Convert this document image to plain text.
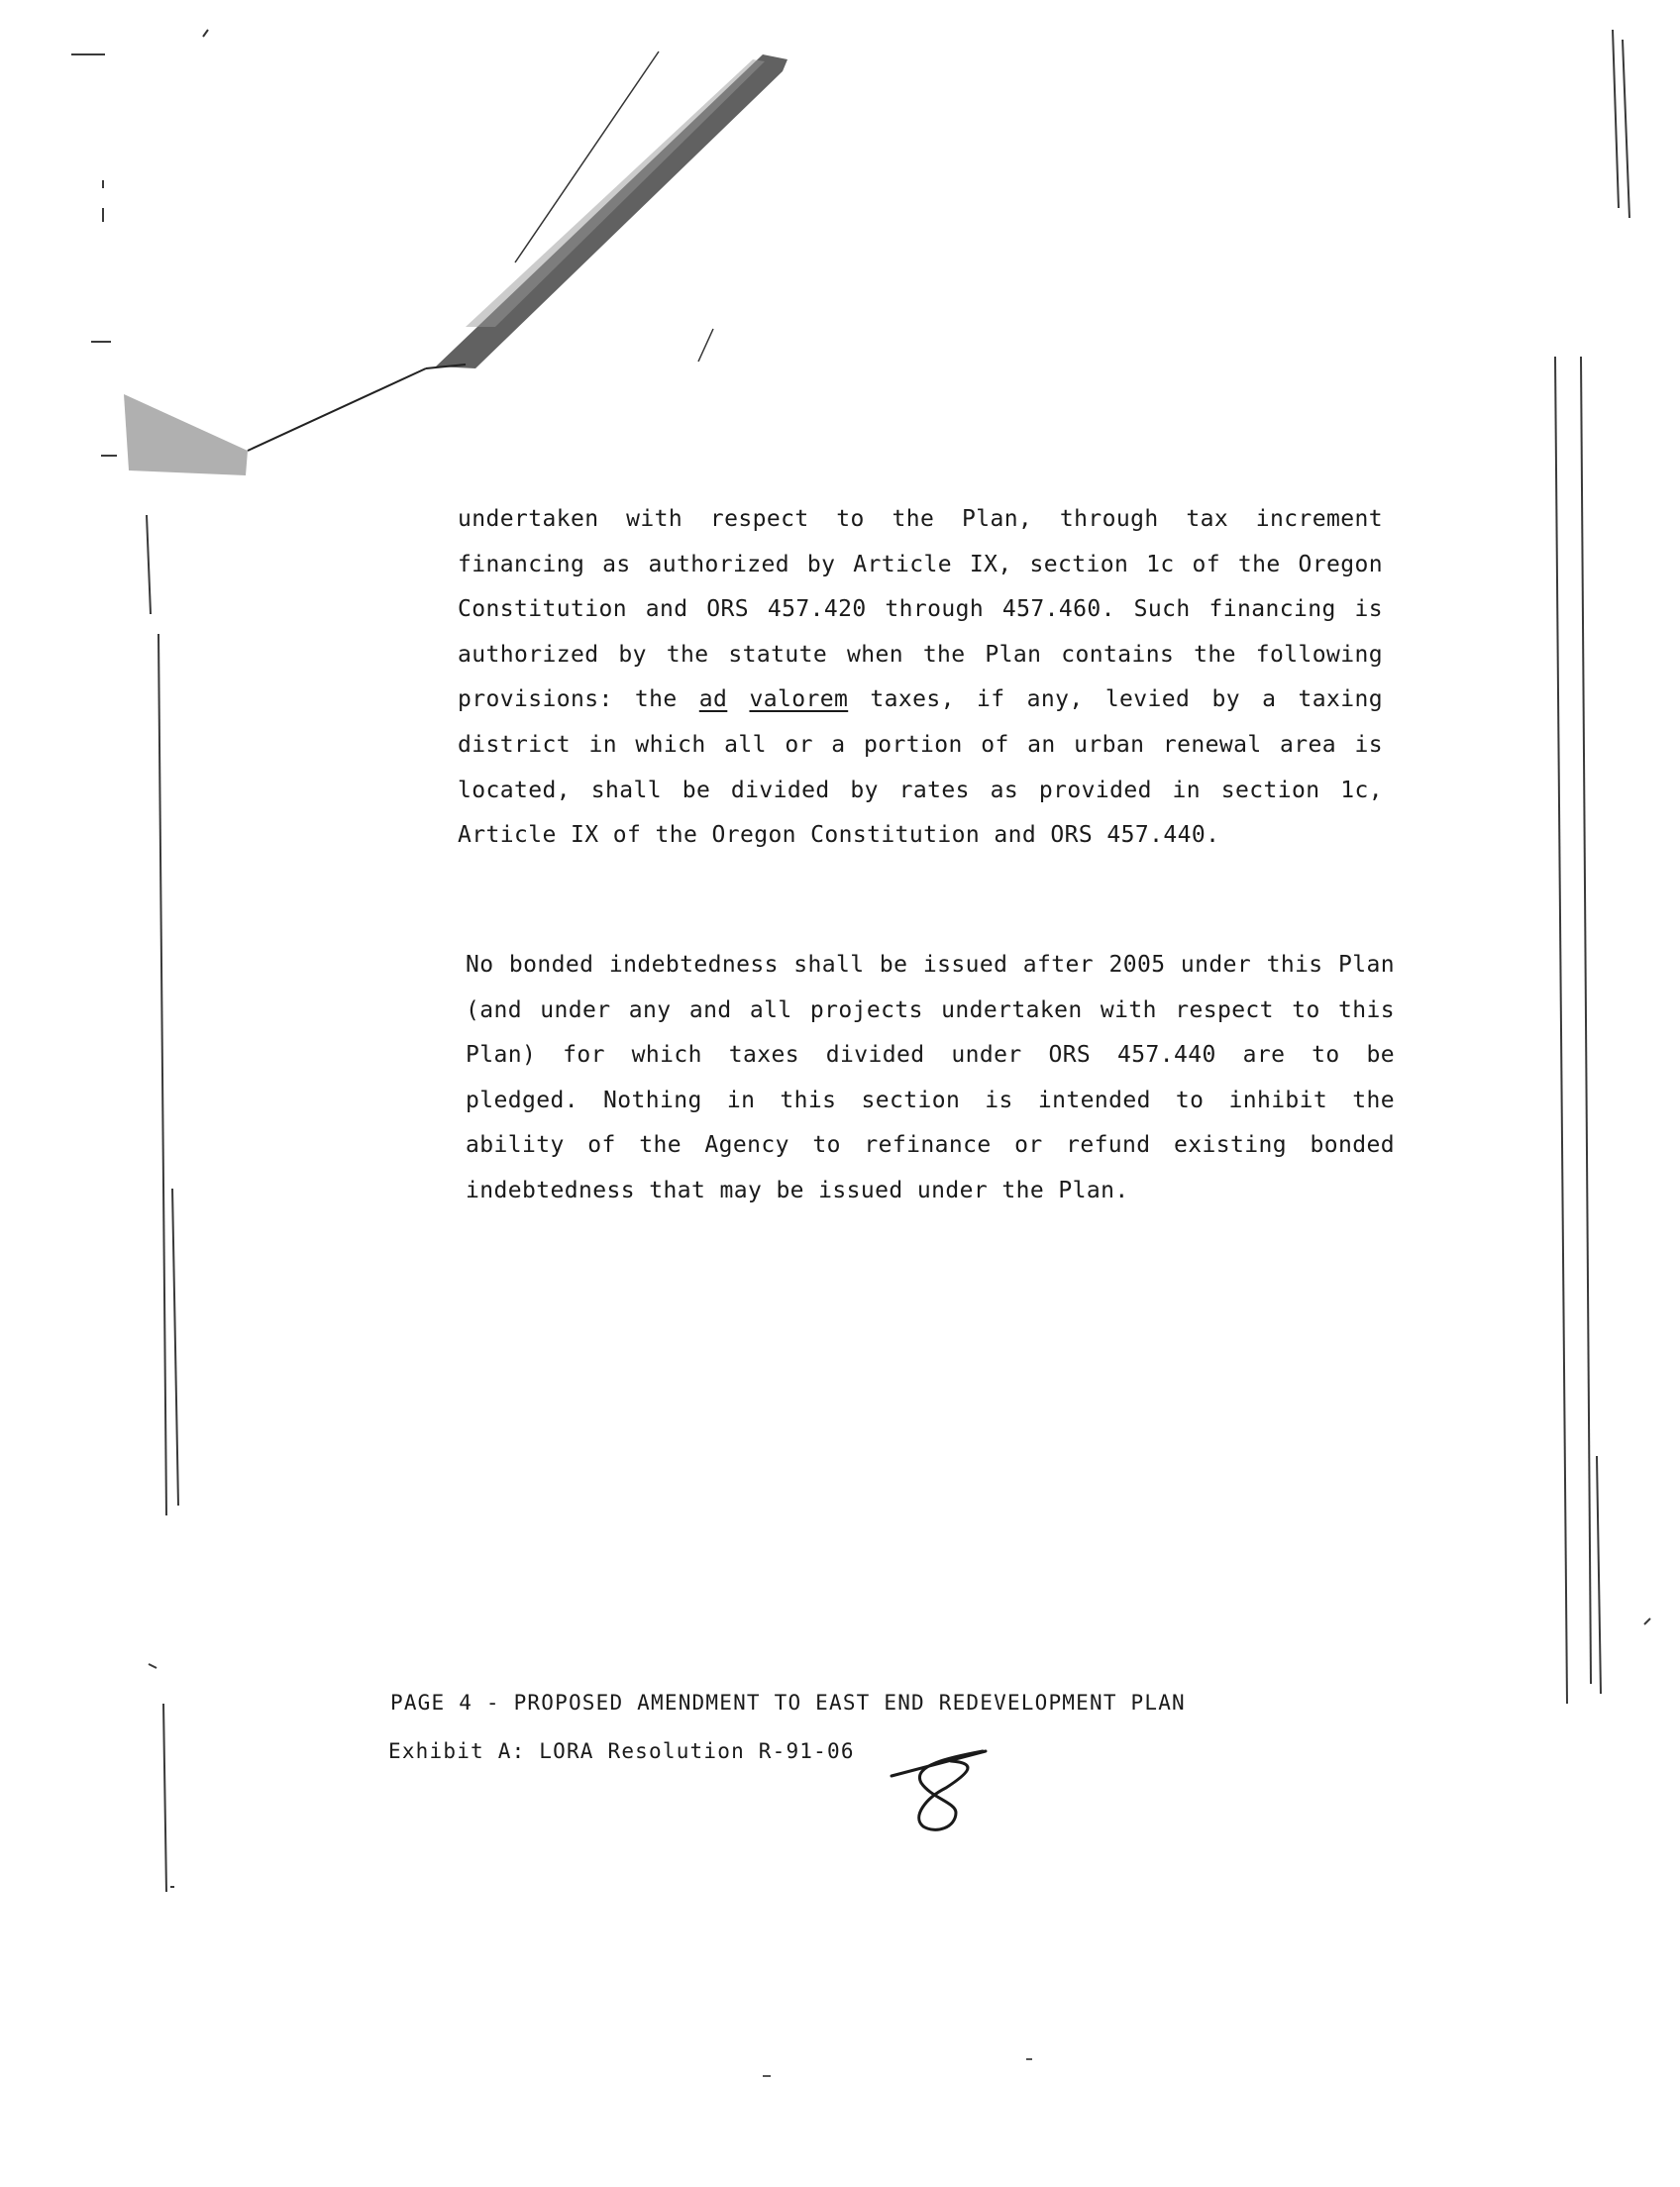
undertaken with respect to the Plan, through tax increment financing as authorized by Article IX, section 1c of the Oregon Constitution and ORS 457.420 through 457.460. Such financing is authorized by the statute when the Plan contains the following provisions: the ad valorem taxes, if any, levied by a taxing district in which all or a portion of an urban renewal area is located, shall be divided by rates as provided in section 1c, Article IX of the Oregon Constitution and ORS 457.440.

No bonded indebtedness shall be issued after 2005 under this Plan (and under any and all projects undertaken with respect to this Plan) for which taxes divided under ORS 457.440 are to be pledged. Nothing in this section is intended to inhibit the ability of the Agency to refinance or refund existing bonded indebtedness that may be issued under the Plan.

PAGE 4 - PROPOSED AMENDMENT TO EAST END REDEVELOPMENT PLAN
Exhibit A: LORA Resolution R-91-06
